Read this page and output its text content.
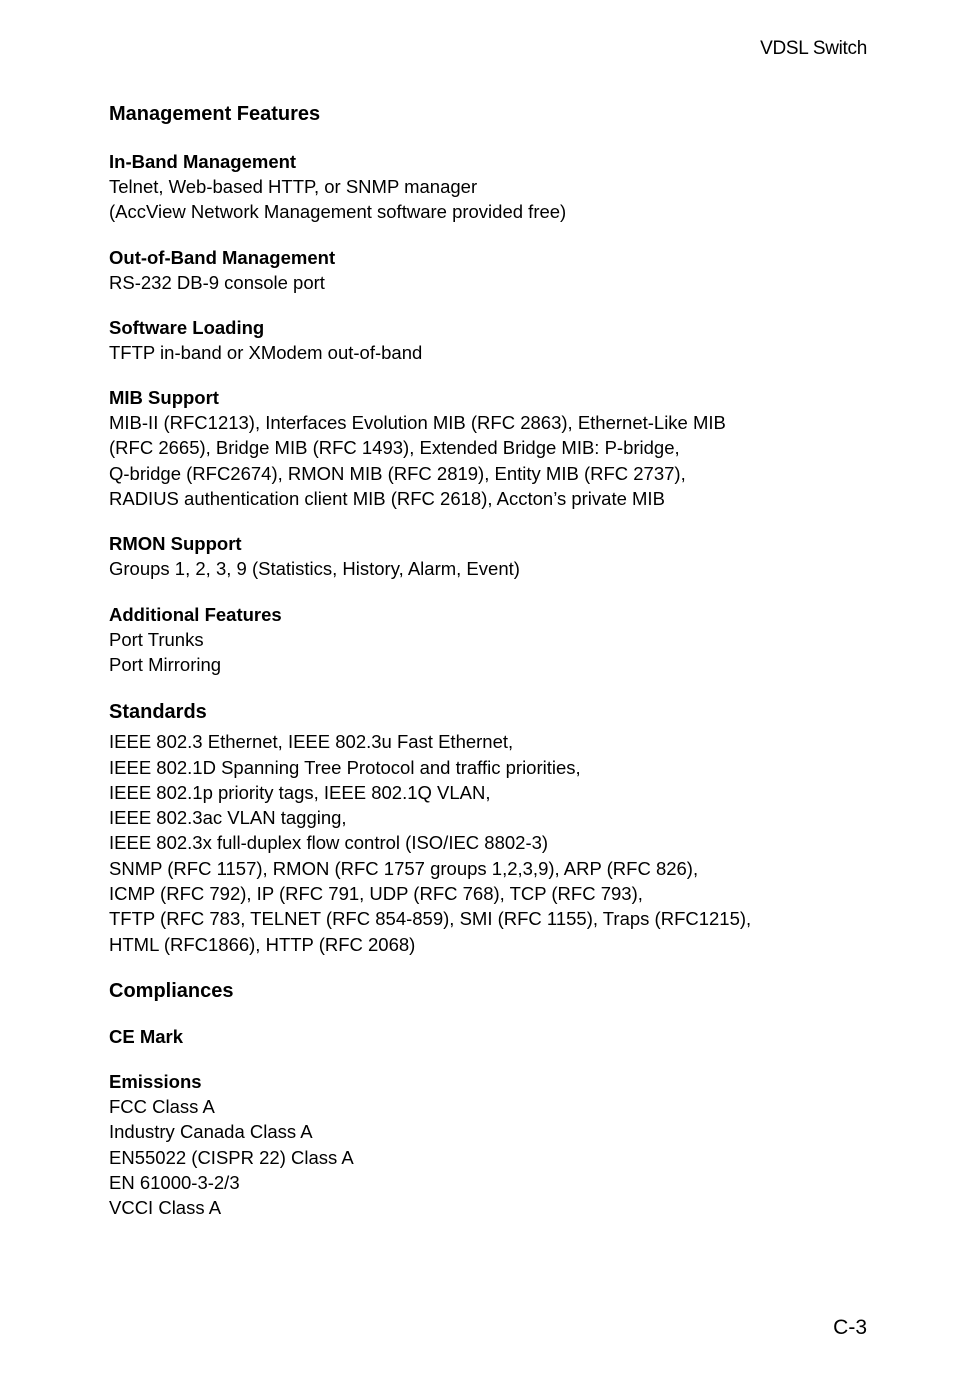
VDSL Switch
Management Features
In-Band Management

Telnet, Web-based HTTP, or SNMP manager

(AccView Network Management software provided free)

Out-of-Band Management

RS-232 DB-9 console port

Software Loading

TFTP in-band or XModem out-of-band

MIB Support

MIB-II (RFC1213), Interfaces Evolution MIB (RFC 2863), Ethernet-Like MIB

(RFC 2665), Bridge MIB (RFC 1493), Extended Bridge MIB: P-bridge,

Q-bridge (RFC2674), RMON MIB (RFC 2819), Entity MIB (RFC 2737),

RADIUS authentication client MIB (RFC 2618), Accton’s private MIB

RMON Support

Groups 1, 2, 3, 9 (Statistics, History, Alarm, Event)

Additional Features

Port Trunks

Port Mirroring

Standards

IEEE 802.3 Ethernet, IEEE 802.3u Fast Ethernet,

IEEE 802.1D Spanning Tree Protocol and traffic priorities,

IEEE 802.1p priority tags, IEEE 802.1Q VLAN,

IEEE 802.3ac VLAN tagging,

IEEE 802.3x full-duplex flow control (ISO/IEC 8802-3)

SNMP (RFC 1157), RMON (RFC 1757 groups 1,2,3,9), ARP (RFC 826),

ICMP (RFC 792), IP (RFC 791, UDP (RFC 768), TCP (RFC 793),

TFTP (RFC 783, TELNET (RFC 854-859), SMI (RFC 1155), Traps (RFC1215),

HTML (RFC1866), HTTP (RFC 2068)

Compliances
CE Mark
Emissions

FCC Class A

Industry Canada Class A

EN55022 (CISPR 22) Class A

EN 61000-3-2/3

VCCI Class A

C-3
